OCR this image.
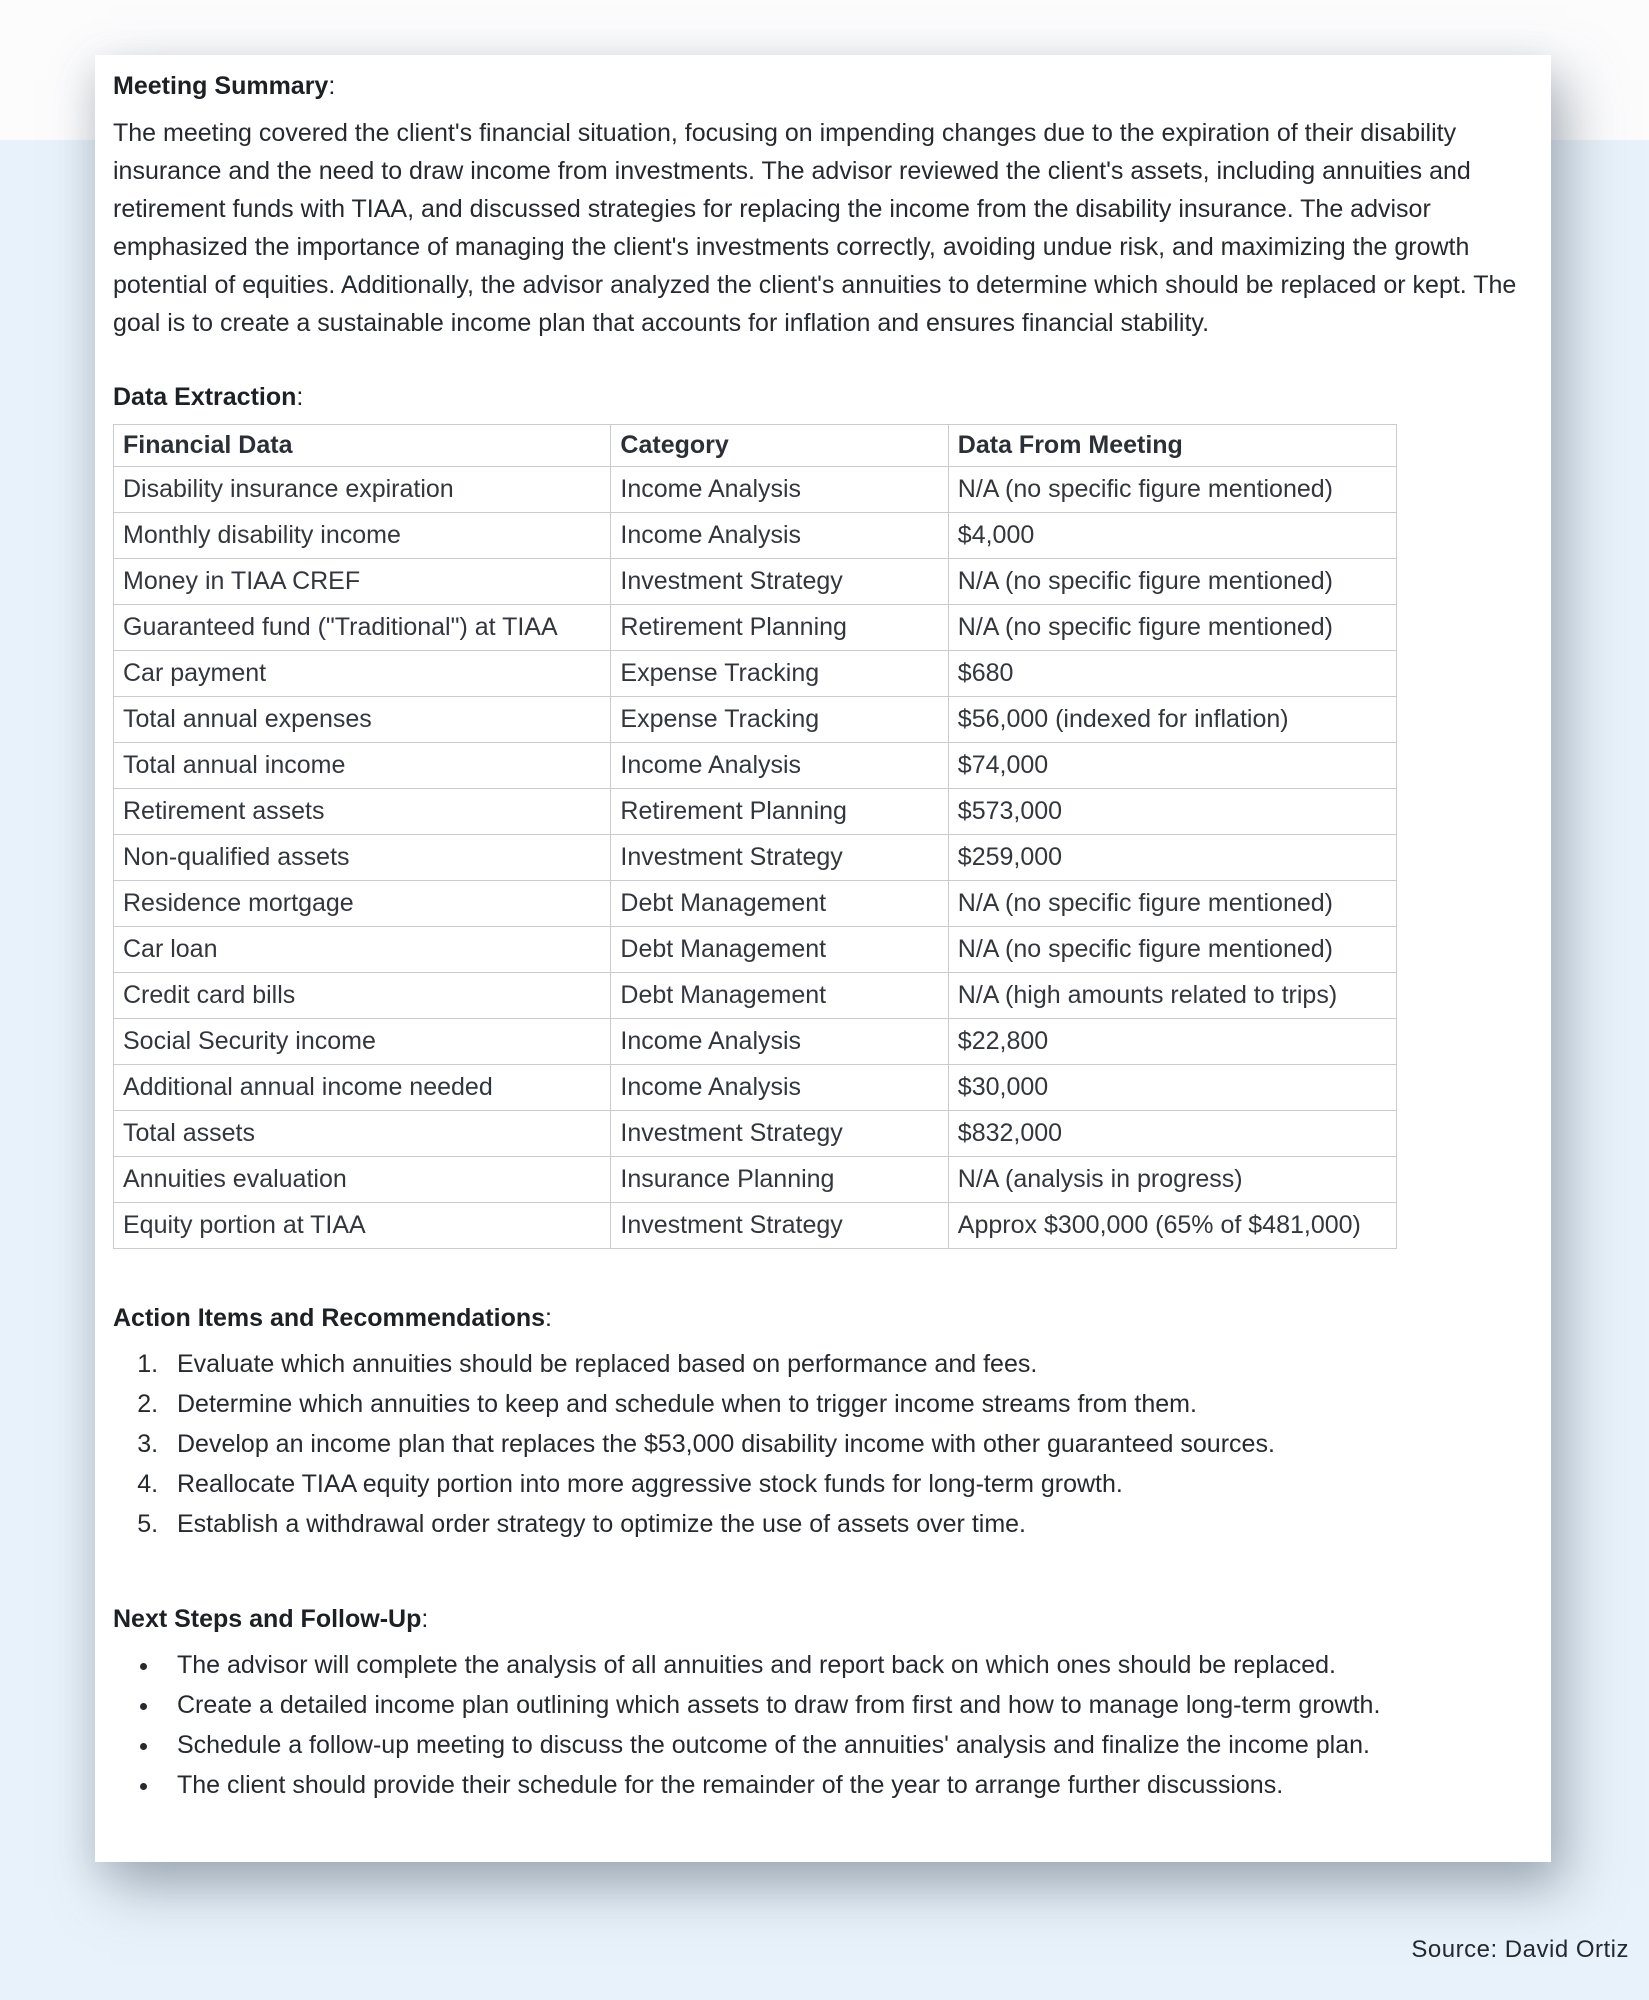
Meeting Summary:
The meeting covered the client's financial situation, focusing on impending changes due to the expiration of their disability insurance and the need to draw income from investments. The advisor reviewed the client's assets, including annuities and retirement funds with TIAA, and discussed strategies for replacing the income from the disability insurance. The advisor emphasized the importance of managing the client's investments correctly, avoiding undue risk, and maximizing the growth potential of equities. Additionally, the advisor analyzed the client's annuities to determine which should be replaced or kept. The goal is to create a sustainable income plan that accounts for inflation and ensures financial stability.
Data Extraction:
Financial Data	Category	Data From Meeting
Disability insurance expiration	Income Analysis	N/A (no specific figure mentioned)
Monthly disability income	Income Analysis	$4,000
Money in TIAA CREF	Investment Strategy	N/A (no specific figure mentioned)
Guaranteed fund ("Traditional") at TIAA	Retirement Planning	N/A (no specific figure mentioned)
Car payment	Expense Tracking	$680
Total annual expenses	Expense Tracking	$56,000 (indexed for inflation)
Total annual income	Income Analysis	$74,000
Retirement assets	Retirement Planning	$573,000
Non-qualified assets	Investment Strategy	$259,000
Residence mortgage	Debt Management	N/A (no specific figure mentioned)
Car loan	Debt Management	N/A (no specific figure mentioned)
Credit card bills	Debt Management	N/A (high amounts related to trips)
Social Security income	Income Analysis	$22,800
Additional annual income needed	Income Analysis	$30,000
Total assets	Investment Strategy	$832,000
Annuities evaluation	Insurance Planning	N/A (analysis in progress)
Equity portion at TIAA	Investment Strategy	Approx $300,000 (65% of $481,000)
Action Items and Recommendations:
1. Evaluate which annuities should be replaced based on performance and fees.
2. Determine which annuities to keep and schedule when to trigger income streams from them.
3. Develop an income plan that replaces the $53,000 disability income with other guaranteed sources.
4. Reallocate TIAA equity portion into more aggressive stock funds for long-term growth.
5. Establish a withdrawal order strategy to optimize the use of assets over time.
Next Steps and Follow-Up:
• The advisor will complete the analysis of all annuities and report back on which ones should be replaced.
• Create a detailed income plan outlining which assets to draw from first and how to manage long-term growth.
• Schedule a follow-up meeting to discuss the outcome of the annuities' analysis and finalize the income plan.
• The client should provide their schedule for the remainder of the year to arrange further discussions.
Source: David Ortiz
